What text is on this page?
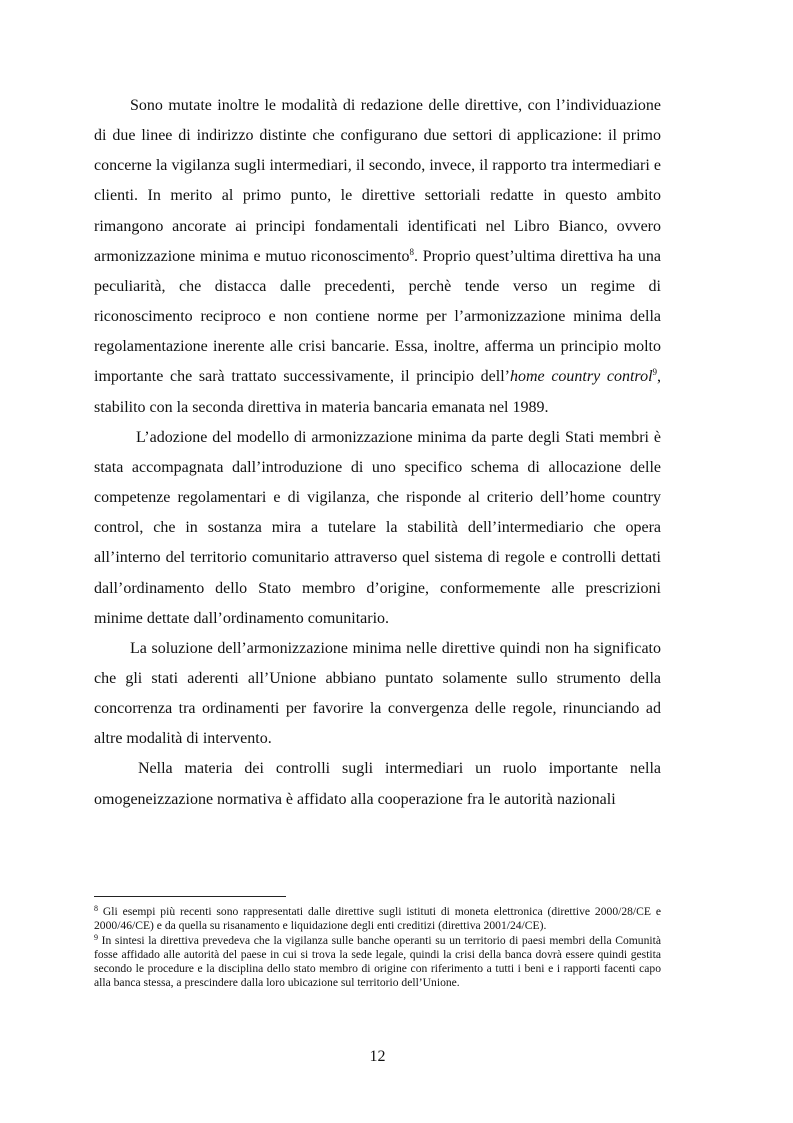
Sono mutate inoltre le modalità di redazione delle direttive, con l’individuazione di due linee di indirizzo distinte che configurano due settori di applicazione: il primo concerne la vigilanza sugli intermediari, il secondo, invece, il rapporto tra intermediari e clienti. In merito al primo punto, le direttive settoriali redatte in questo ambito rimangono ancorate ai principi fondamentali identificati nel Libro Bianco, ovvero armonizzazione minima e mutuo riconoscimento$^8$. Proprio quest’ultima direttiva ha una peculiarità, che distacca dalle precedenti, perchè tende verso un regime di riconoscimento reciproco e non contiene norme per l’armonizzazione minima della regolamentazione inerente alle crisi bancarie. Essa, inoltre, afferma un principio molto importante che sarà trattato successivamente, il principio dell’home country control$^9$, stabilito con la seconda direttiva in materia bancaria emanata nel 1989.

L’adozione del modello di armonizzazione minima da parte degli Stati membri è stata accompagnata dall’introduzione di uno specifico schema di allocazione delle competenze regolamentari e di vigilanza, che risponde al criterio dell’home country control, che in sostanza mira a tutelare la stabilità dell’intermediario che opera all’interno del territorio comunitario attraverso quel sistema di regole e controlli dettati dall’ordinamento dello Stato membro d’origine, conformemente alle prescrizioni minime dettate dall’ordinamento comunitario.

La soluzione dell’armonizzazione minima nelle direttive quindi non ha significato che gli stati aderenti all’Unione abbiano puntato solamente sullo strumento della concorrenza tra ordinamenti per favorire la convergenza delle regole, rinunciando ad altre modalità di intervento.

Nella materia dei controlli sugli intermediari un ruolo importante nella omogeneizzazione normativa è affidato alla cooperazione fra le autorità nazionali

$^8$ Gli esempi più recenti sono rappresentati dalle direttive sugli istituti di moneta elettronica (direttive 2000/28/CE e 2000/46/CE) e da quella su risanamento e liquidazione degli enti creditizi (direttiva 2001/24/CE).

$^9$ In sintesi la direttiva prevedeva che la vigilanza sulle banche operanti su un territorio di paesi membri della Comunità fosse affidado alle autorità del paese in cui si trova la sede legale, quindi la crisi della banca dovrà essere quindi gestita secondo le procedure e la disciplina dello stato membro di origine con riferimento a tutti i beni e i rapporti facenti capo alla banca stessa, a prescindere dalla loro ubicazione sul territorio dell’Unione.

12
